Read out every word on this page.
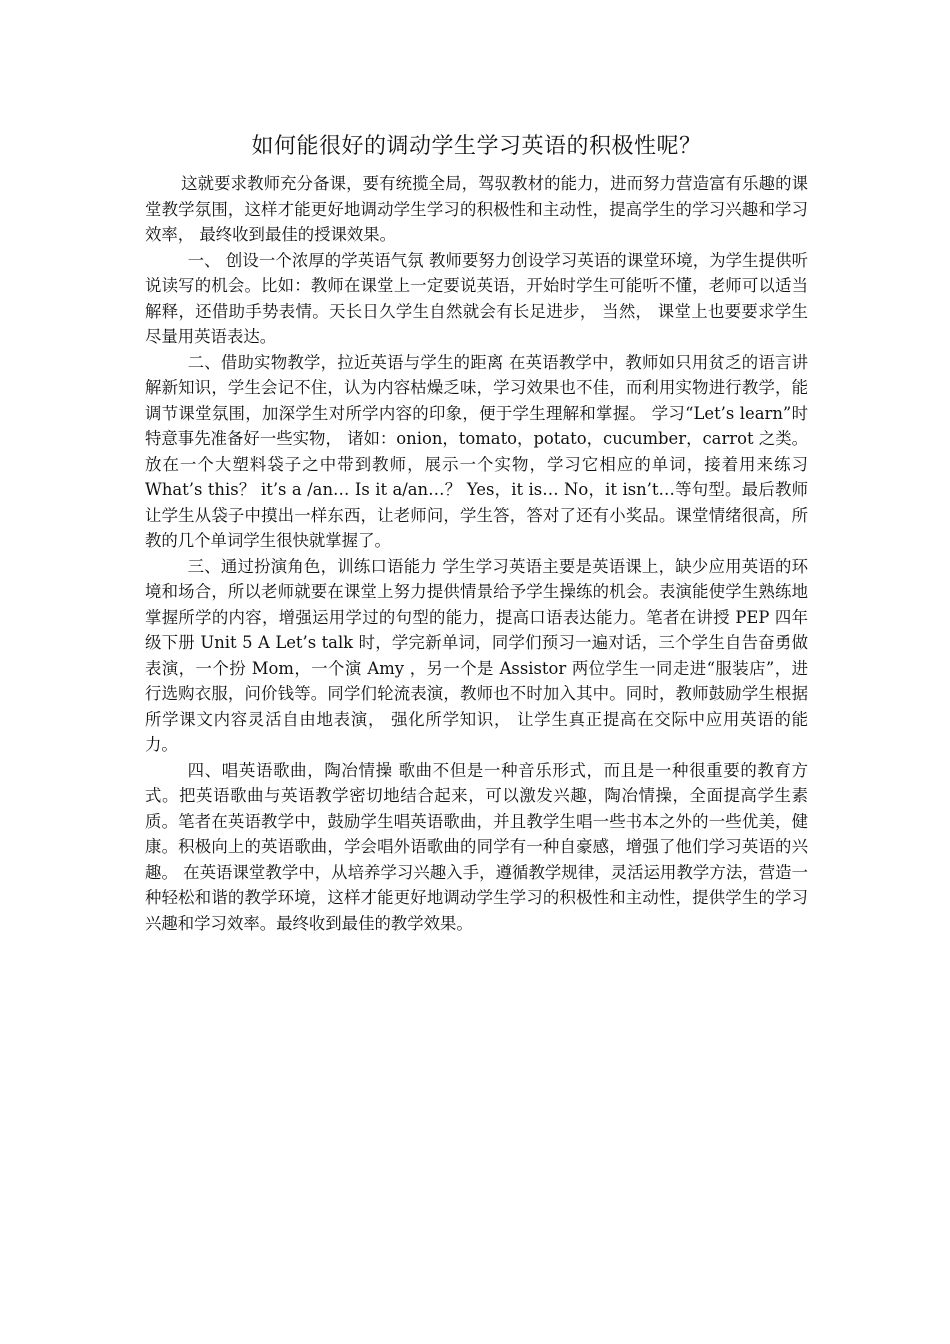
如何能很好的调动学生学习英语的积极性呢？

这就要求教师充分备课，要有统揽全局，驾驭教材的能力，进而努力营造富有乐趣的课堂教学氛围，这样才能更好地调动学生学习的积极性和主动性，提高学生的学习兴趣和学习效率， 最终收到最佳的授课效果。

一、 创设一个浓厚的学英语气氛 教师要努力创设学习英语的课堂环境，为学生提供听说读写的机会。比如：教师在课堂上一定要说英语，开始时学生可能听不懂，老师可以适当解释，还借助手势表情。天长日久学生自然就会有长足进步， 当然， 课堂上也要要求学生尽量用英语表达。

二、借助实物教学，拉近英语与学生的距离 在英语教学中，教师如只用贫乏的语言讲解新知识，学生会记不住，认为内容枯燥乏味，学习效果也不佳，而利用实物进行教学，能调节课堂氛围，加深学生对所学内容的印象，便于学生理解和掌握。 学习“Let’s learn”时特意事先准备好一些实物， 诸如：onion，tomato，potato，cucumber，carrot 之类。放在一个大塑料袋子之中带到教师，展示一个实物，学习它相应的单词，接着用来练习 What’s this？ it’s a /an… Is it a/an…？ Yes，it is… No，it isn’t…等句型。最后教师让学生从袋子中摸出一样东西，让老师问，学生答，答对了还有小奖品。课堂情绪很高，所教的几个单词学生很快就掌握了。

三、通过扮演角色，训练口语能力 学生学习英语主要是英语课上，缺少应用英语的环境和场合，所以老师就要在课堂上努力提供情景给予学生操练的机会。表演能使学生熟练地掌握所学的内容，增强运用学过的句型的能力，提高口语表达能力。笔者在讲授 PEP 四年级下册 Unit 5 A Let’s talk 时，学完新单词，同学们预习一遍对话，三个学生自告奋勇做表演，一个扮 Mom，一个演 Amy ，另一个是 Assistor 两位学生一同走进“服装店”，进行选购衣服，问价钱等。同学们轮流表演，教师也不时加入其中。同时，教师鼓励学生根据所学课文内容灵活自由地表演， 强化所学知识， 让学生真正提高在交际中应用英语的能力。

四、唱英语歌曲，陶冶情操 歌曲不但是一种音乐形式，而且是一种很重要的教育方式。把英语歌曲与英语教学密切地结合起来，可以激发兴趣，陶冶情操，全面提高学生素质。笔者在英语教学中，鼓励学生唱英语歌曲，并且教学生唱一些书本之外的一些优美，健康。积极向上的英语歌曲，学会唱外语歌曲的同学有一种自豪感，增强了他们学习英语的兴趣。 在英语课堂教学中，从培养学习兴趣入手，遵循教学规律，灵活运用教学方法，营造一种轻松和谐的教学环境，这样才能更好地调动学生学习的积极性和主动性，提供学生的学习兴趣和学习效率。最终收到最佳的教学效果。
